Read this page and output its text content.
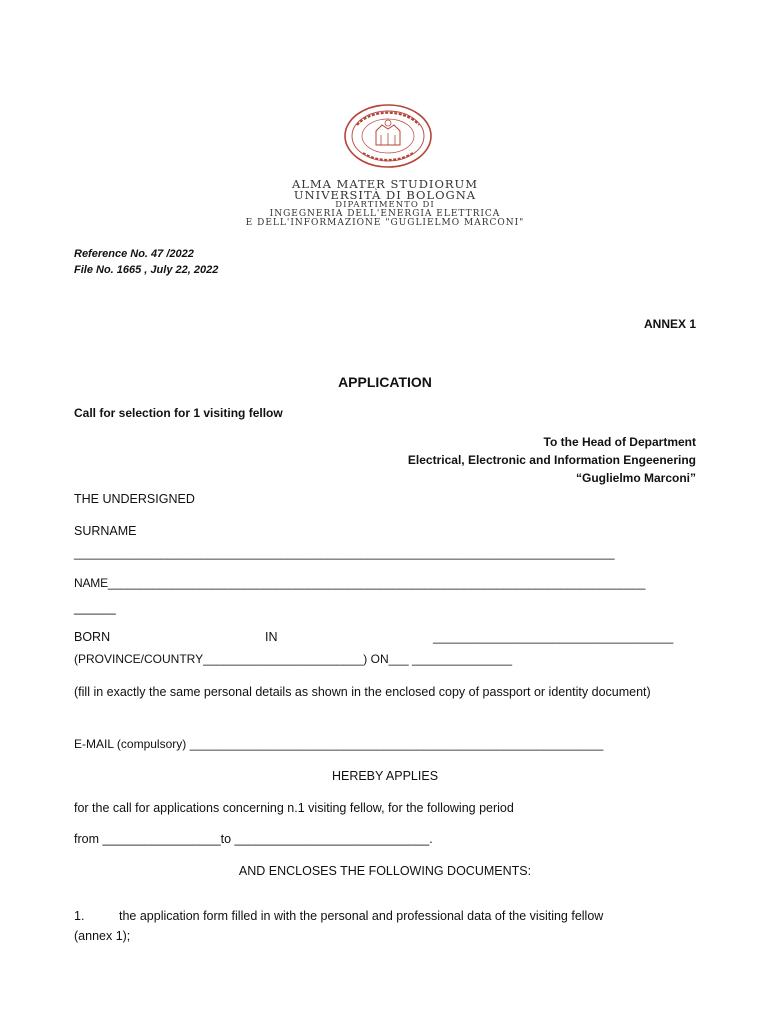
ALMA MATER STUDIORUM
UNIVERSITÀ DI BOLOGNA
DIPARTIMENTO DI
INGEGNERIA DELL'ENERGIA ELETTRICA
E DELL'INFORMAZIONE "GUGLIELMO MARCONI"
Reference No. 47 /2022
File No. 1665 , July 22, 2022
ANNEX 1
APPLICATION
Call for selection for 1 visiting fellow
To the Head of Department
Electrical, Electronic and Information Engeenering
“Guglielmo Marconi”
THE UNDERSIGNED
SURNAME
_________________________________________________________________________________
NAME___________________________________________________________________________________
______
BORN	IN	____________________________________
(PROVINCE/COUNTRY________________________) ON___ _______________
(fill in exactly the same personal details as shown in the enclosed copy of passport or identity document)
E-MAIL (compulsory) ______________________________________________________________
HEREBY APPLIES
for the call for applications concerning n.1 visiting fellow, for the following period
from _________________to ____________________________.
AND ENCLOSES THE FOLLOWING DOCUMENTS:
1.	the application form filled in with the personal and professional data of the visiting fellow
(annex 1);
